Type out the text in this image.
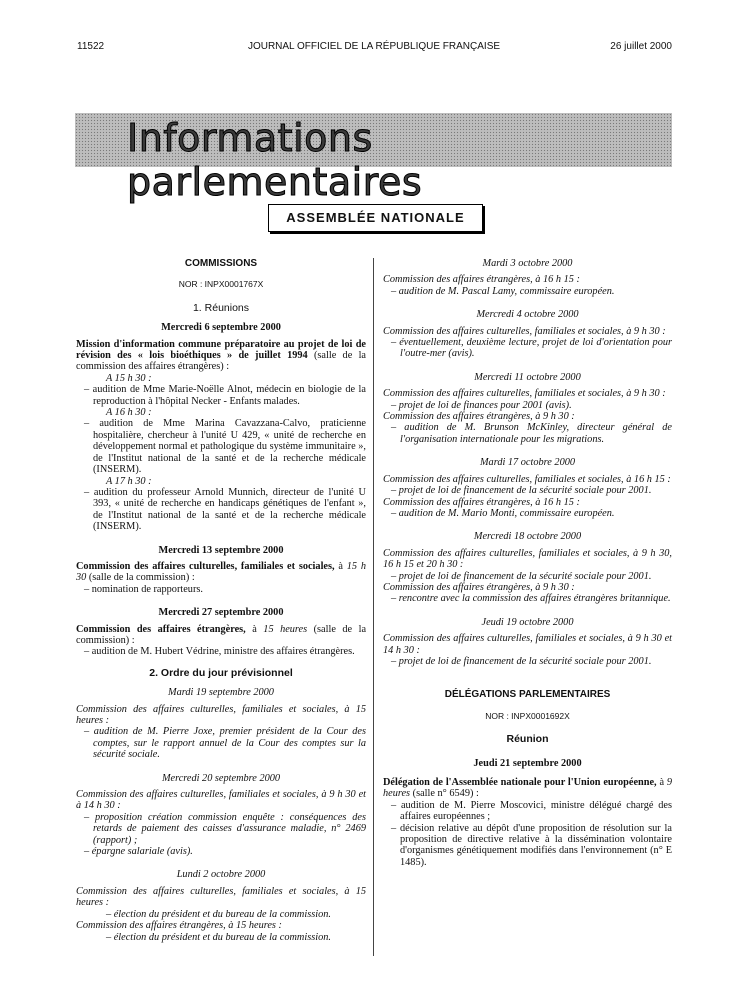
11522	JOURNAL OFFICIEL DE LA RÉPUBLIQUE FRANÇAISE	26 juillet 2000
Informations parlementaires
ASSEMBLÉE NATIONALE

COMMISSIONS

NOR : INPX0001767X

1. Réunions

Mercredi 6 septembre 2000

Mission d'information commune préparatoire au projet de loi de révision des « lois bioéthiques » de juillet 1994 (salle de la commission des affaires étrangères) :

A 15 h 30 :

– audition de Mme Marie-Noëlle Alnot, médecin en biologie de la reproduction à l'hôpital Necker - Enfants malades.

A 16 h 30 :

– audition de Mme Marina Cavazzana-Calvo, praticienne hospitalière, chercheur à l'unité U 429, « unité de recherche en développement normal et pathologique du système immunitaire », de l'Institut national de la santé et de la recherche médicale (INSERM).

A 17 h 30 :

– audition du professeur Arnold Munnich, directeur de l'unité U 393, « unité de recherche en handicaps génétiques de l'enfant », de l'Institut national de la santé et de la recherche médicale (INSERM).

Mercredi 13 septembre 2000

Commission des affaires culturelles, familiales et sociales, à 15 h 30 (salle de la commission) :

– nomination de rapporteurs.

Mercredi 27 septembre 2000

Commission des affaires étrangères, à 15 heures (salle de la commission) :

– audition de M. Hubert Védrine, ministre des affaires étrangères.

2. Ordre du jour prévisionnel

Mardi 19 septembre 2000

Commission des affaires culturelles, familiales et sociales, à 15 heures :

– audition de M. Pierre Joxe, premier président de la Cour des comptes, sur le rapport annuel de la Cour des comptes sur la sécurité sociale.

Mercredi 20 septembre 2000

Commission des affaires culturelles, familiales et sociales, à 9 h 30 et à 14 h 30 :

– proposition création commission enquête : conséquences des retards de paiement des caisses d'assurance maladie, n° 2469 (rapport) ;

– épargne salariale (avis).

Lundi 2 octobre 2000

Commission des affaires culturelles, familiales et sociales, à 15 heures :

– élection du président et du bureau de la commission.

Commission des affaires étrangères, à 15 heures :

– élection du président et du bureau de la commission.

Mardi 3 octobre 2000

Commission des affaires étrangères, à 16 h 15 :

– audition de M. Pascal Lamy, commissaire européen.

Mercredi 4 octobre 2000

Commission des affaires culturelles, familiales et sociales, à 9 h 30 :

– éventuellement, deuxième lecture, projet de loi d'orientation pour l'outre-mer (avis).

Mercredi 11 octobre 2000

Commission des affaires culturelles, familiales et sociales, à 9 h 30 :

– projet de loi de finances pour 2001 (avis).

Commission des affaires étrangères, à 9 h 30 :

– audition de M. Brunson McKinley, directeur général de l'organisation internationale pour les migrations.

Mardi 17 octobre 2000

Commission des affaires culturelles, familiales et sociales, à 16 h 15 :

– projet de loi de financement de la sécurité sociale pour 2001.

Commission des affaires étrangères, à 16 h 15 :

– audition de M. Mario Monti, commissaire européen.

Mercredi 18 octobre 2000

Commission des affaires culturelles, familiales et sociales, à 9 h 30, 16 h 15 et 20 h 30 :

– projet de loi de financement de la sécurité sociale pour 2001.

Commission des affaires étrangères, à 9 h 30 :

– rencontre avec la commission des affaires étrangères britannique.

Jeudi 19 octobre 2000

Commission des affaires culturelles, familiales et sociales, à 9 h 30 et 14 h 30 :

– projet de loi de financement de la sécurité sociale pour 2001.

DÉLÉGATIONS PARLEMENTAIRES

NOR : INPX0001692X

Réunion

Jeudi 21 septembre 2000

Délégation de l'Assemblée nationale pour l'Union européenne, à 9 heures (salle n° 6549) :

– audition de M. Pierre Moscovici, ministre délégué chargé des affaires européennes ;

– décision relative au dépôt d'une proposition de résolution sur la proposition de directive relative à la dissémination volontaire d'organismes génétiquement modifiés dans l'environnement (n° E 1485).
